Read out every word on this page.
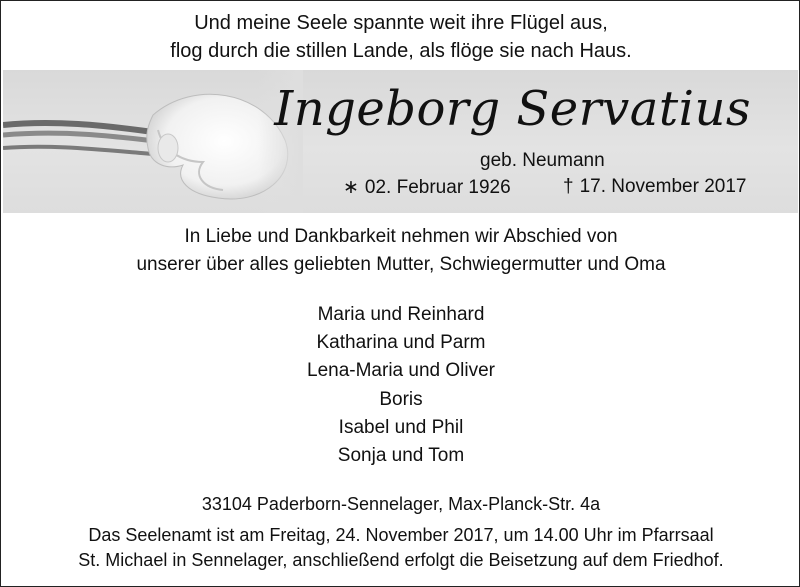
Und meine Seele spannte weit ihre Flügel aus,
flog durch die stillen Lande, als flöge sie nach Haus.
Ingeborg Servatius
geb. Neumann
∗ 02. Februar 1926	† 17. November 2017
In Liebe und Dankbarkeit nehmen wir Abschied von
unserer über alles geliebten Mutter, Schwiegermutter und Oma
Maria und Reinhard
Katharina und Parm
Lena-Maria und Oliver
Boris
Isabel und Phil
Sonja und Tom
33104 Paderborn-Sennelager, Max-Planck-Str. 4a
Das Seelenamt ist am Freitag, 24. November 2017, um 14.00 Uhr im Pfarrsaal
St. Michael in Sennelager, anschließend erfolgt die Beisetzung auf dem Friedhof.
